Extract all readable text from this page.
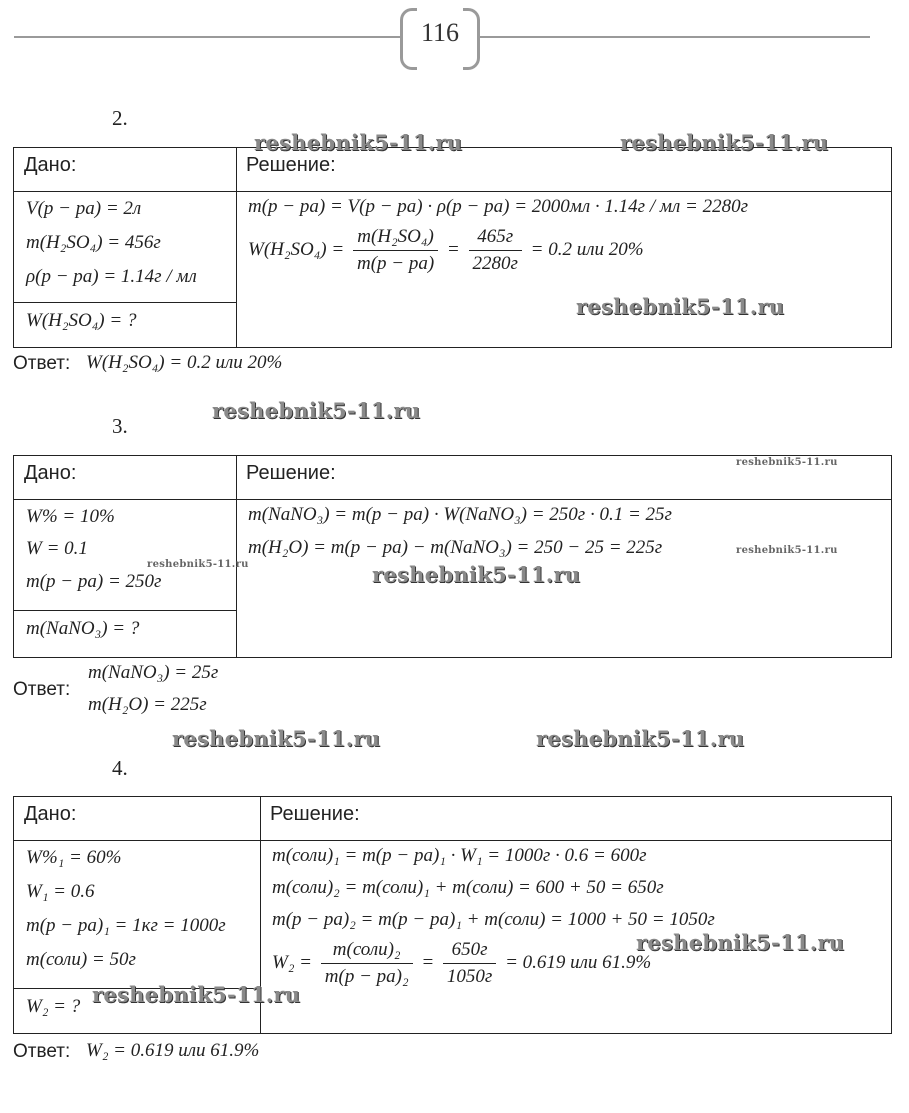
116
2.
Дано:	Решение:
V(p − pa) = 2л
m(H₂SO₄) = 456г
ρ(p − pa) = 1.14г / мл
W(H₂SO₄) = ?
m(p − pa) = V(p − pa) · ρ(p − pa) = 2000мл · 1.14г / мл = 2280г
$W(H_2SO_4) = \frac{\text{m(H₂SO₄)}}{m(p - pa)} = \frac{465г}{2280г} = 0.2$ или 20%
Ответ: W(H₂SO₄) = 0.2 или 20%
3.
Дано:	Решение:
W% = 10%
W = 0.1
m(p − pa) = 250г
m(NaNO₃) = ?
m(NaNO₃) = m(p − pa) · W(NaNO₃) = 250г · 0.1 = 25г
m(H₂O) = m(p − pa) − m(NaNO₃) = 250 − 25 = 225г
Ответ:
m(NaNO₃) = 25г
m(H₂O) = 225г
4.
Дано:	Решение:
W%₁ = 60%
W₁ = 0.6
m(p − pa)₁ = 1кг = 1000г
m(соли) = 50г
W₂ = ?
m(соли)₁ = m(p − pa)₁ · W₁ = 1000г · 0.6 = 600г
m(соли)₂ = m(соли)₁ + m(соли) = 600 + 50 = 650г
m(p − pa)₂ = m(p − pa)₁ + m(соли) = 1000 + 50 = 1050г
$W_2 = \frac{\text{m(соли)₂}}{\text{m(p − pa)₂}} = \frac{650г}{1050г} = 0.619$ или 61.9%
Ответ: W₂ = 0.619 или 61.9%
reshebnik5-11.ru	reshebnik5-11.ru
reshebnik5-11.ru
reshebnik5-11.ru
reshebnik5-11.ru
reshebnik5-11.ru
reshebnik5-11.ru	reshebnik5-11.ru
reshebnik5-11.ru	reshebnik5-11.ru
reshebnik5-11.ru
reshebnik5-11.ru
